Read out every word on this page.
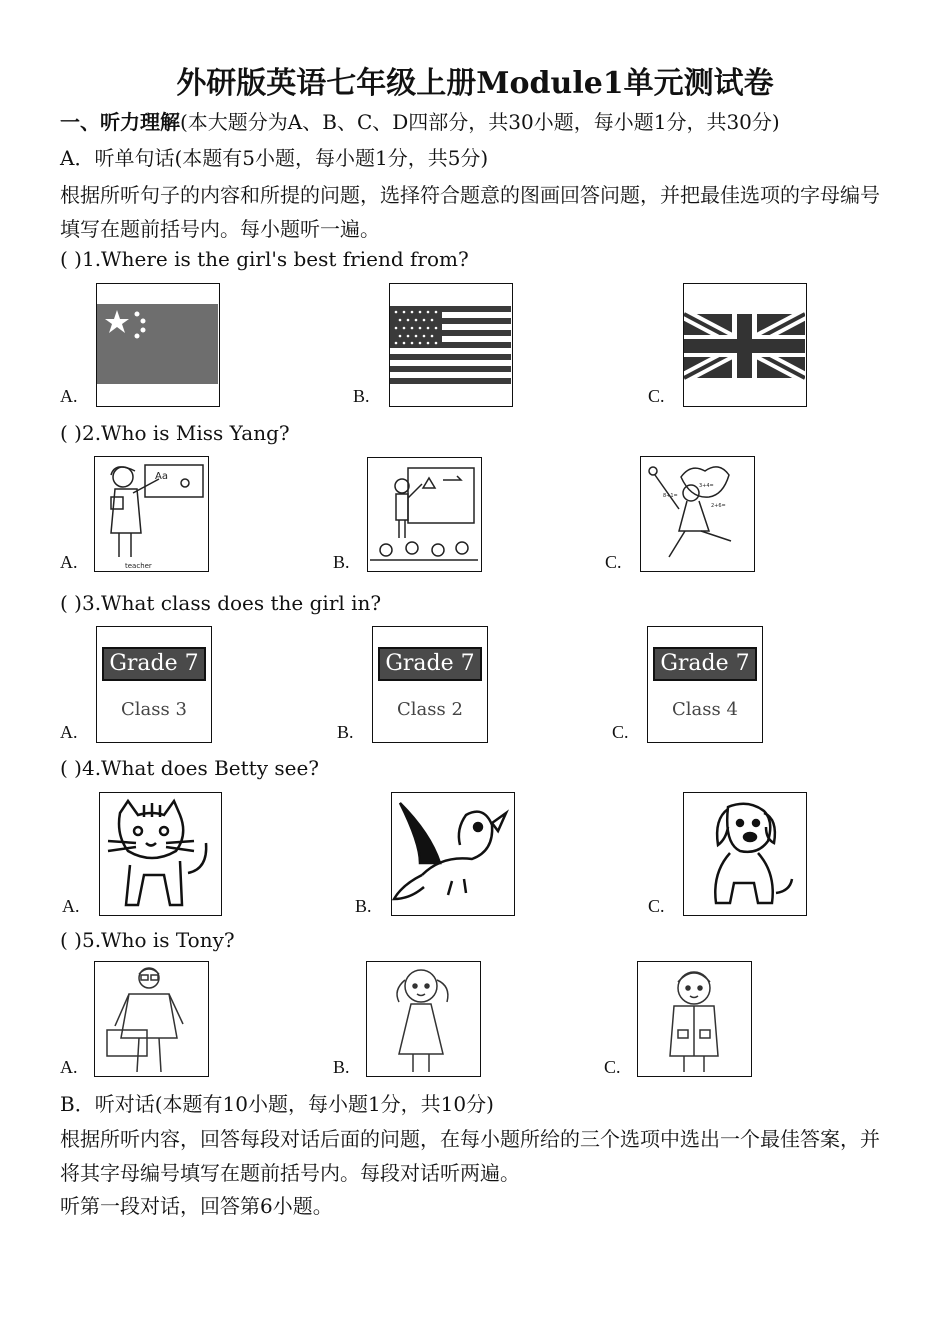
外研版英语七年级上册Module1单元测试卷
一、听力理解(本大题分为A、B、C、D四部分，共30小题，每小题1分，共30分)
A．听单句话(本题有5小题，每小题1分，共5分)
根据所听句子的内容和所提的问题，选择符合题意的图画回答问题，并把最佳选项的字母编号填写在题前括号内。每小题听一遍。
( )1.Where is the girl's best friend from?
A.	B.	C.
( )2.Who is Miss Yang?
A.
Aa
teacher	B.	C.
3+4=
2+6=
8+1=
( )3.What class does the girl in?
A.
Grade 7
Class 3
B.
Grade 7
Class 2
C.
Grade 7
Class 4
( )4.What does Betty see?
A.	B.	C.
( )5.Who is Tony?
A.	B.	C.
B．听对话(本题有10小题，每小题1分，共10分)
根据所听内容，回答每段对话后面的问题，在每小题所给的三个选项中选出一个最佳答案，并将其字母编号填写在题前括号内。每段对话听两遍。
听第一段对话，回答第6小题。
